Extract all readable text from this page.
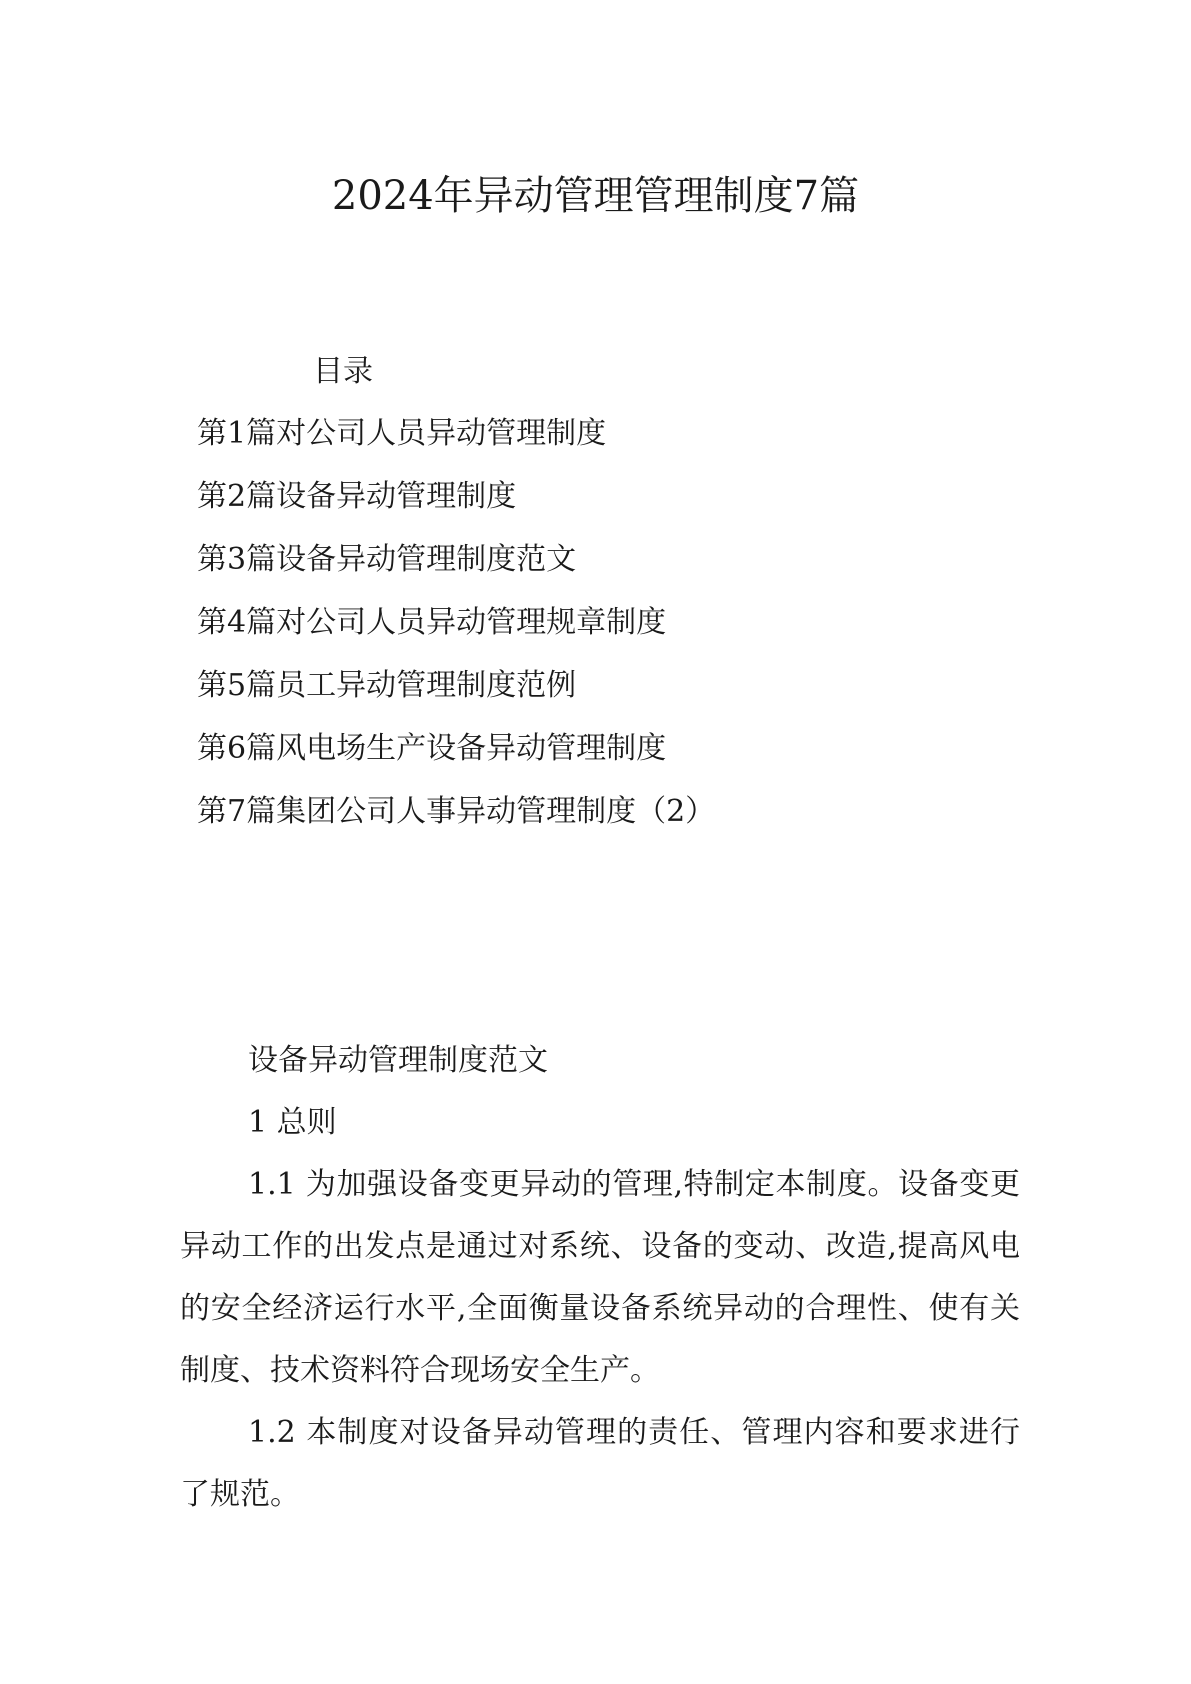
2024年异动管理管理制度7篇
目录
第1篇对公司人员异动管理制度
第2篇设备异动管理制度
第3篇设备异动管理制度范文
第4篇对公司人员异动管理规章制度
第5篇员工异动管理制度范例
第6篇风电场生产设备异动管理制度
第7篇集团公司人事异动管理制度（2）
设备异动管理制度范文
1 总则

1.1 为加强设备变更异动的管理,特制定本制度。设备变更异动工作的出发点是通过对系统、设备的变动、改造,提高风电的安全经济运行水平,全面衡量设备系统异动的合理性、使有关制度、技术资料符合现场安全生产。

1.2 本制度对设备异动管理的责任、管理内容和要求进行了规范。
